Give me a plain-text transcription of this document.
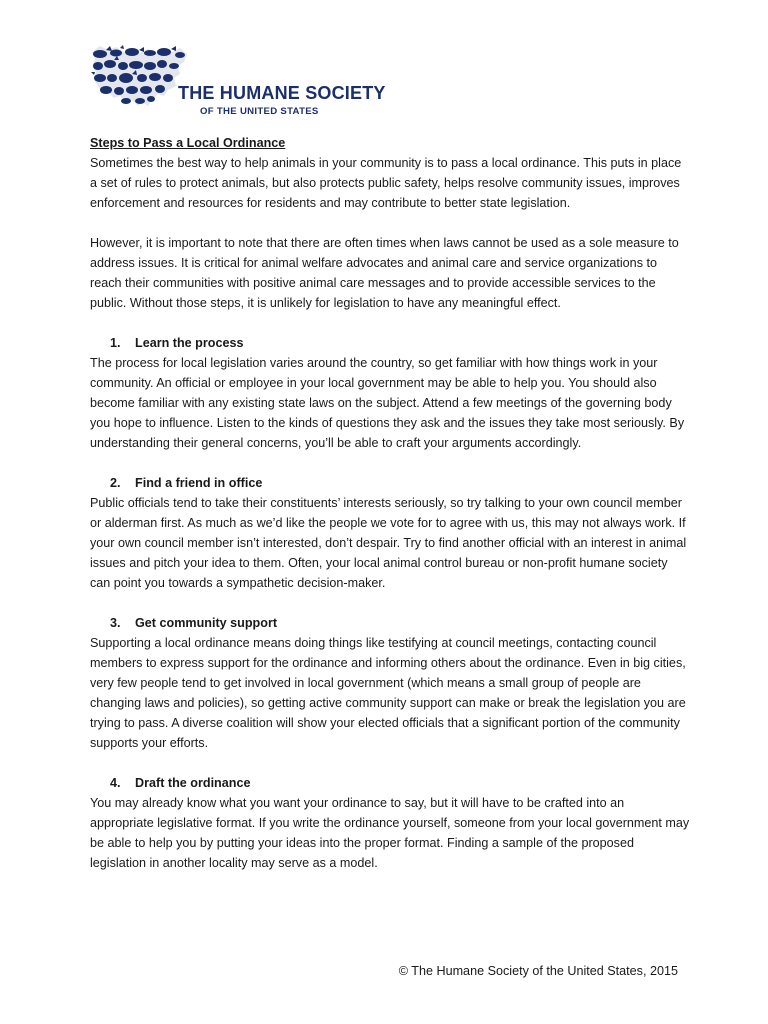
THE HUMANE SOCIETY
OF THE UNITED STATES
Steps to Pass a Local Ordinance

Sometimes the best way to help animals in your community is to pass a local ordinance. This puts in place a set of rules to protect animals, but also protects public safety, helps resolve community issues, improves enforcement and resources for residents and may contribute to better state legislation.

However, it is important to note that there are often times when laws cannot be used as a sole measure to address issues. It is critical for animal welfare advocates and animal care and service organizations to reach their communities with positive animal care messages and to provide accessible services to the public. Without those steps, it is unlikely for legislation to have any meaningful effect.

1.	Learn the process

The process for local legislation varies around the country, so get familiar with how things work in your community. An official or employee in your local government may be able to help you. You should also become familiar with any existing state laws on the subject. Attend a few meetings of the governing body you hope to influence. Listen to the kinds of questions they ask and the issues they take most seriously. By understanding their general concerns, you’ll be able to craft your arguments accordingly.

2.	Find a friend in office

Public officials tend to take their constituents’ interests seriously, so try talking to your own council member or alderman first. As much as we’d like the people we vote for to agree with us, this may not always work. If your own council member isn’t interested, don’t despair. Try to find another official with an interest in animal issues and pitch your idea to them. Often, your local animal control bureau or non-profit humane society can point you towards a sympathetic decision-maker.

3.	Get community support

Supporting a local ordinance means doing things like testifying at council meetings, contacting council members to express support for the ordinance and informing others about the ordinance. Even in big cities, very few people tend to get involved in local government (which means a small group of people are changing laws and policies), so getting active community support can make or break the legislation you are trying to pass. A diverse coalition will show your elected officials that a significant portion of the community supports your efforts.

4.	Draft the ordinance

You may already know what you want your ordinance to say, but it will have to be crafted into an appropriate legislative format. If you write the ordinance yourself, someone from your local government may be able to help you by putting your ideas into the proper format. Finding a sample of the proposed legislation in another locality may serve as a model.

© The Humane Society of the United States, 2015
